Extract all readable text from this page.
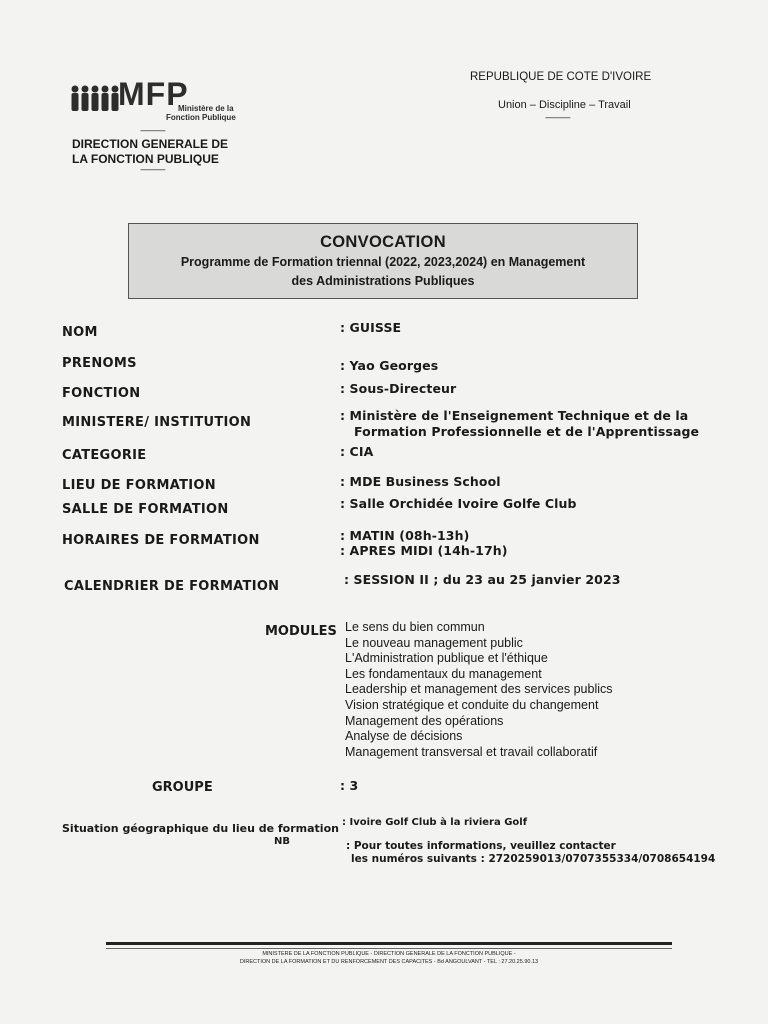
MFP
Ministère de la
Fonction Publique
-----------
DIRECTION GENERALE DE
LA FONCTION PUBLIQUE
-----------
REPUBLIQUE DE COTE D'IVOIRE
Union – Discipline – Travail
-----------
CONVOCATION
Programme de Formation triennal (2022, 2023,2024) en Management
des Administrations Publiques
NOM	: GUISSE
PRENOMS	: Yao Georges
FONCTION	: Sous-Directeur
MINISTERE/ INSTITUTION	: Ministère de l'Enseignement Technique et de la
Formation Professionnelle et de l'Apprentissage
CATEGORIE	: CIA
LIEU DE FORMATION	: MDE Business School
SALLE DE FORMATION	: Salle Orchidée Ivoire Golfe Club
HORAIRES DE FORMATION	: MATIN (08h-13h)
: APRES MIDI (14h-17h)
CALENDRIER DE FORMATION	: SESSION II ; du 23 au 25 janvier 2023
MODULES Le sens du bien commun
Le nouveau management public
L'Administration publique et l'éthique
Les fondamentaux du management
Leadership et management des services publics
Vision stratégique et conduite du changement
Management des opérations
Analyse de décisions
Management transversal et travail collaboratif
GROUPE	: 3
Situation géographique du lieu de formation : Ivoire Golf Club à la riviera Golf
NB	: Pour toutes informations, veuillez contacter
les numéros suivants : 2720259013/0707355334/0708654194
MINISTERE DE LA FONCTION PUBLIQUE - DIRECTION GENERALE DE LA FONCTION PUBLIQUE -
DIRECTION DE LA FORMATION ET DU RENFORCEMENT DES CAPACITES - Bd ANGOULVANT - TEL : 27.20.25.90.13
